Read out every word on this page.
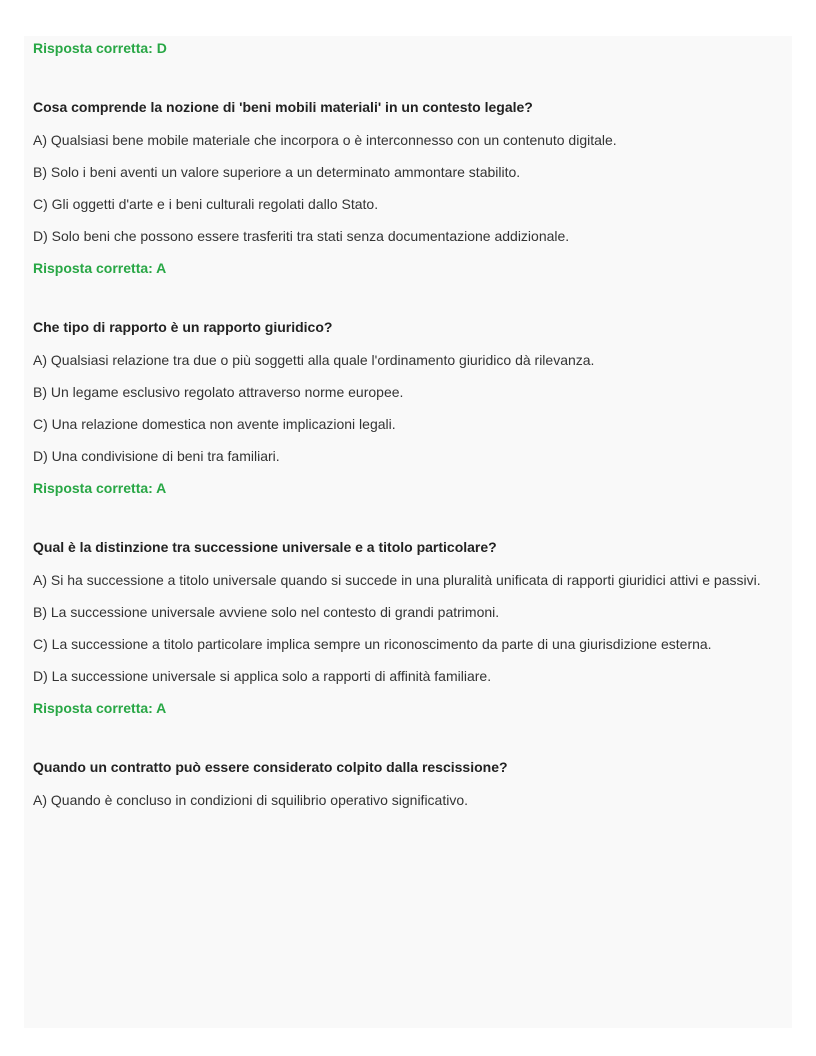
Risposta corretta: D

Cosa comprende la nozione di 'beni mobili materiali' in un contesto legale?

A) Qualsiasi bene mobile materiale che incorpora o è interconnesso con un contenuto digitale.

B) Solo i beni aventi un valore superiore a un determinato ammontare stabilito.

C) Gli oggetti d'arte e i beni culturali regolati dallo Stato.

D) Solo beni che possono essere trasferiti tra stati senza documentazione addizionale.

Risposta corretta: A

Che tipo di rapporto è un rapporto giuridico?

A) Qualsiasi relazione tra due o più soggetti alla quale l'ordinamento giuridico dà rilevanza.

B) Un legame esclusivo regolato attraverso norme europee.

C) Una relazione domestica non avente implicazioni legali.

D) Una condivisione di beni tra familiari.

Risposta corretta: A

Qual è la distinzione tra successione universale e a titolo particolare?

A) Si ha successione a titolo universale quando si succede in una pluralità unificata di rapporti giuridici attivi e passivi.

B) La successione universale avviene solo nel contesto di grandi patrimoni.

C) La successione a titolo particolare implica sempre un riconoscimento da parte di una giurisdizione esterna.

D) La successione universale si applica solo a rapporti di affinità familiare.

Risposta corretta: A

Quando un contratto può essere considerato colpito dalla rescissione?

A) Quando è concluso in condizioni di squilibrio operativo significativo.
